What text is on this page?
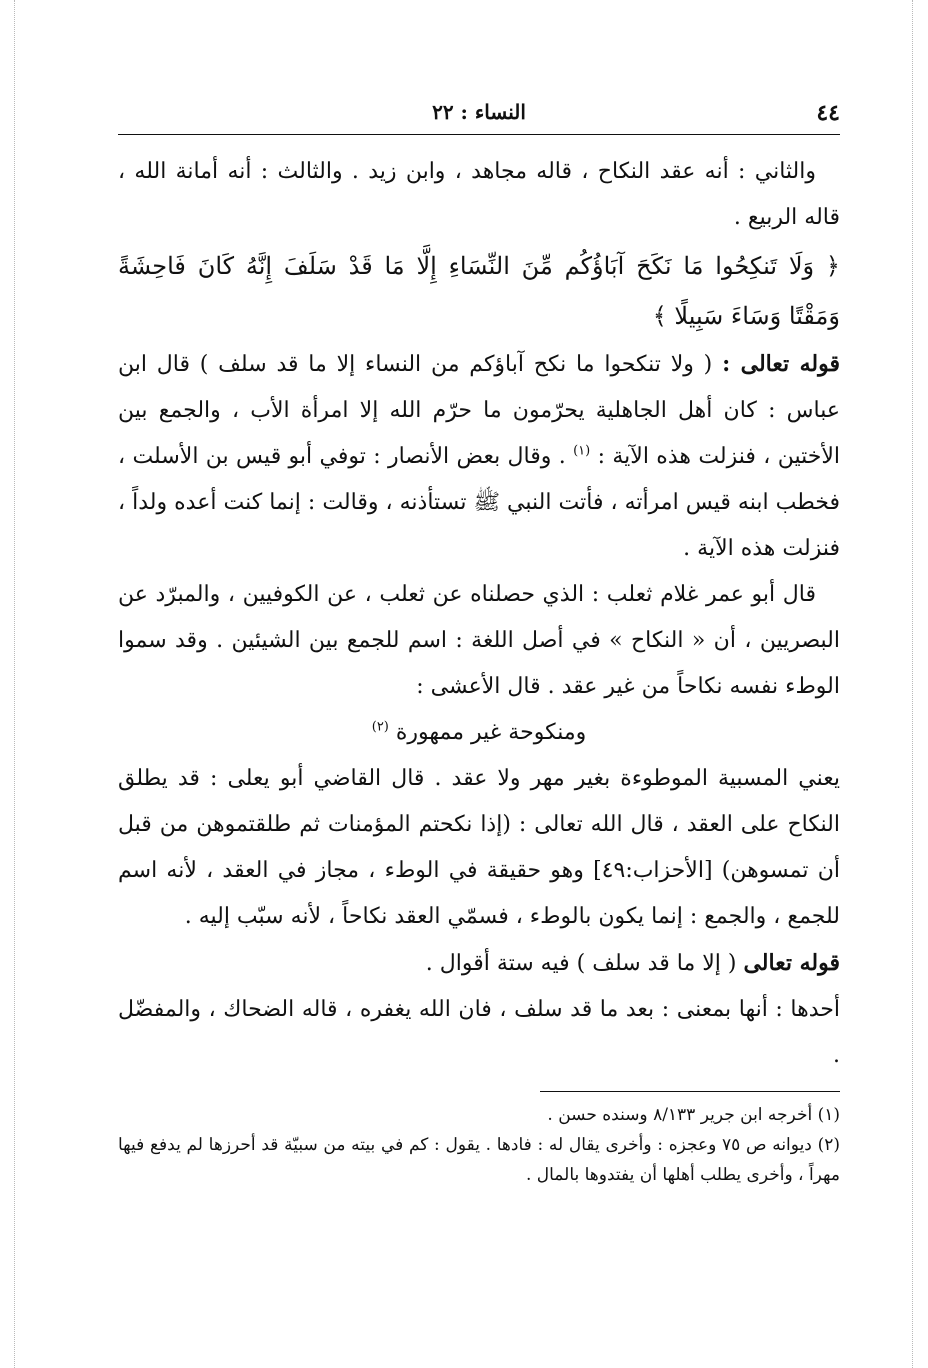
٤٤
النساء : ٢٢

والثاني : أنه عقد النكاح ، قاله مجاهد ، وابن زيد . والثالث : أنه أمانة الله ، قاله الربيع .

﴿ وَلَا تَنكِحُوا مَا نَكَحَ آبَاؤُكُم مِّنَ النِّسَاءِ إِلَّا مَا قَدْ سَلَفَ إِنَّهُ كَانَ فَاحِشَةً وَمَقْتًا وَسَاءَ سَبِيلًا ﴾

قوله تعالى : ( ولا تنكحوا ما نكح آباؤكم من النساء إلا ما قد سلف ) قال ابن عباس : كان أهل الجاهلية يحرّمون ما حرّم الله إلا امرأة الأب ، والجمع بين الأختين ، فنزلت هذه الآية : $^{(١)}$ . وقال بعض الأنصار : توفي أبو قيس بن الأسلت ، فخطب ابنه قيس امرأته ، فأتت النبي ﷺ تستأذنه ، وقالت : إنما كنت أعده ولداً ، فنزلت هذه الآية .

قال أبو عمر غلام ثعلب : الذي حصلناه عن ثعلب ، عن الكوفيين ، والمبرّد عن البصريين ، أن « النكاح » في أصل اللغة : اسم للجمع بين الشيئين . وقد سموا الوطء نفسه نكاحاً من غير عقد . قال الأعشى :

ومنكوحة غير ممهورة $^{(٢)}$

يعني المسبية الموطوءة بغير مهر ولا عقد . قال القاضي أبو يعلى : قد يطلق النكاح على العقد ، قال الله تعالى : (إذا نكحتم المؤمنات ثم طلقتموهن من قبل أن تمسوهن) [الأحزاب:٤٩] وهو حقيقة في الوطء ، مجاز في العقد ، لأنه اسم للجمع ، والجمع : إنما يكون بالوطء ، فسمّي العقد نكاحاً ، لأنه سبّب إليه .

قوله تعالى ( إلا ما قد سلف ) فيه ستة أقوال .

أحدها : أنها بمعنى : بعد ما قد سلف ، فان الله يغفره ، قاله الضحاك ، والمفضّل .

(١) أخرجه ابن جرير ٨/١٣٣ وسنده حسن .

(٢) ديوانه ص ٧٥ وعجزه : وأخرى يقال له : فادها . يقول : كم في بيته من سبيّة قد أحرزها لم يدفع فيها مهراً ، وأخرى يطلب أهلها أن يفتدوها بالمال .
